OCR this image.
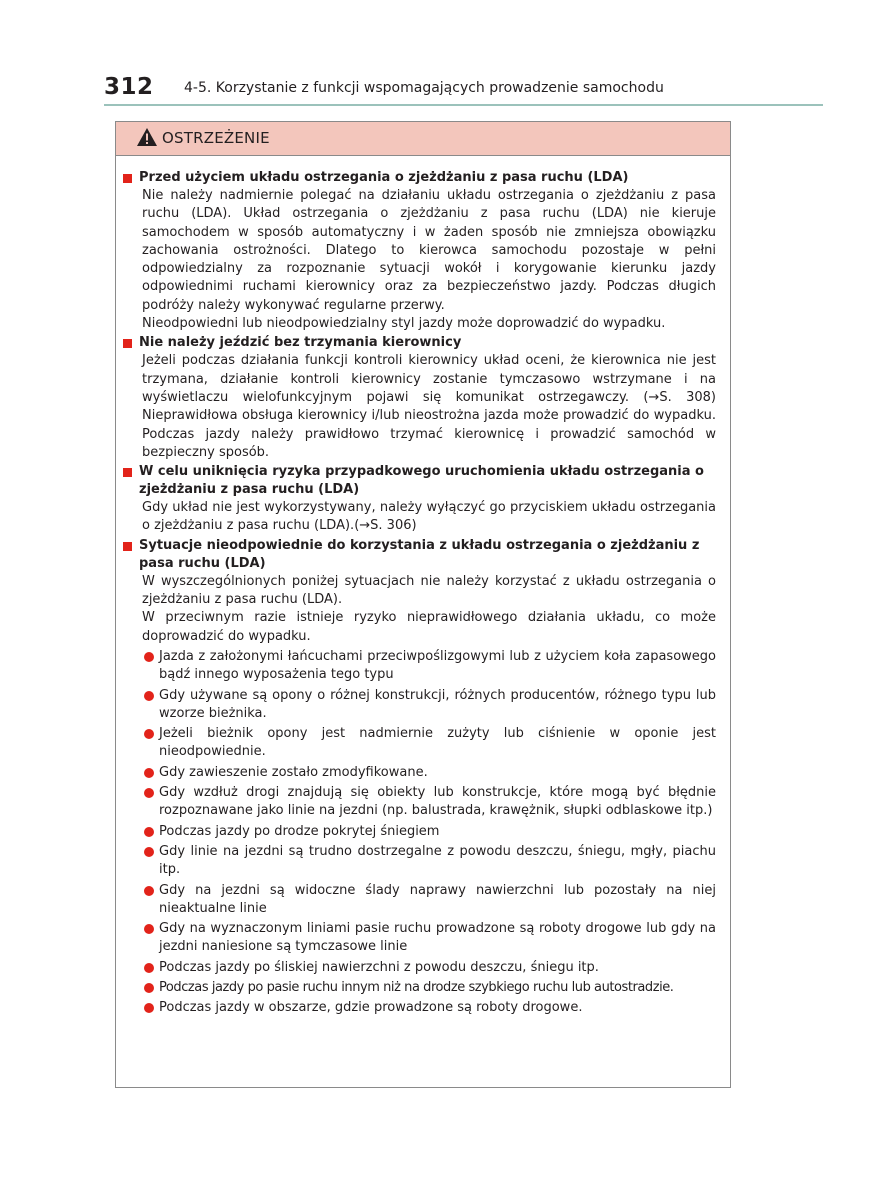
312 4-5. Korzystanie z funkcji wspomagających prowadzenie samochodu
OSTRZEŻENIE
Przed użyciem układu ostrzegania o zjeżdżaniu z pasa ruchu (LDA)

Nie należy nadmiernie polegać na działaniu układu ostrzegania o zjeżdżaniu z pasa ruchu (LDA). Układ ostrzegania o zjeżdżaniu z pasa ruchu (LDA) nie kieruje samochodem w sposób automatyczny i w żaden sposób nie zmniejsza obowiązku zachowania ostrożności. Dlatego to kierowca samochodu pozostaje w pełni odpowiedzialny za rozpoznanie sytuacji wokół i korygowanie kierunku jazdy odpowiednimi ruchami kierownicy oraz za bezpieczeństwo jazdy. Podczas długich podróży należy wykonywać regularne przerwy.

Nieodpowiedni lub nieodpowiedzialny styl jazdy może doprowadzić do wypadku.

Nie należy jeździć bez trzymania kierownicy

Jeżeli podczas działania funkcji kontroli kierownicy układ oceni, że kierownica nie jest trzymana, działanie kontroli kierownicy zostanie tymczasowo wstrzymane i na wyświetlaczu wielofunkcyjnym pojawi się komunikat ostrzegawczy. (→S. 308) Nieprawidłowa obsługa kierownicy i/lub nieostrożna jazda może prowadzić do wypadku. Podczas jazdy należy prawidłowo trzymać kierownicę i prowadzić samochód w bezpieczny sposób.

W celu uniknięcia ryzyka przypadkowego uruchomienia układu ostrzegania o zjeżdżaniu z pasa ruchu (LDA)

Gdy układ nie jest wykorzystywany, należy wyłączyć go przyciskiem układu ostrzegania o zjeżdżaniu z pasa ruchu (LDA).(→S. 306)

Sytuacje nieodpowiednie do korzystania z układu ostrzegania o zjeżdżaniu z pasa ruchu (LDA)

W wyszczególnionych poniżej sytuacjach nie należy korzystać z układu ostrzegania o zjeżdżaniu z pasa ruchu (LDA).

W przeciwnym razie istnieje ryzyko nieprawidłowego działania układu, co może doprowadzić do wypadku.

Jazda z założonymi łańcuchami przeciwpoślizgowymi lub z użyciem koła zapasowego bądź innego wyposażenia tego typu
Gdy używane są opony o różnej konstrukcji, różnych producentów, różnego typu lub wzorze bieżnika.
Jeżeli bieżnik opony jest nadmiernie zużyty lub ciśnienie w oponie jest nieodpowiednie.
Gdy zawieszenie zostało zmodyfikowane.
Gdy wzdłuż drogi znajdują się obiekty lub konstrukcje, które mogą być błędnie rozpoznawane jako linie na jezdni (np. balustrada, krawężnik, słupki odblaskowe itp.)
Podczas jazdy po drodze pokrytej śniegiem
Gdy linie na jezdni są trudno dostrzegalne z powodu deszczu, śniegu, mgły, piachu itp.
Gdy na jezdni są widoczne ślady naprawy nawierzchni lub pozostały na niej nieaktualne linie
Gdy na wyznaczonym liniami pasie ruchu prowadzone są roboty drogowe lub gdy na jezdni naniesione są tymczasowe linie
Podczas jazdy po śliskiej nawierzchni z powodu deszczu, śniegu itp.
Podczas jazdy po pasie ruchu innym niż na drodze szybkiego ruchu lub autostradzie.
Podczas jazdy w obszarze, gdzie prowadzone są roboty drogowe.
